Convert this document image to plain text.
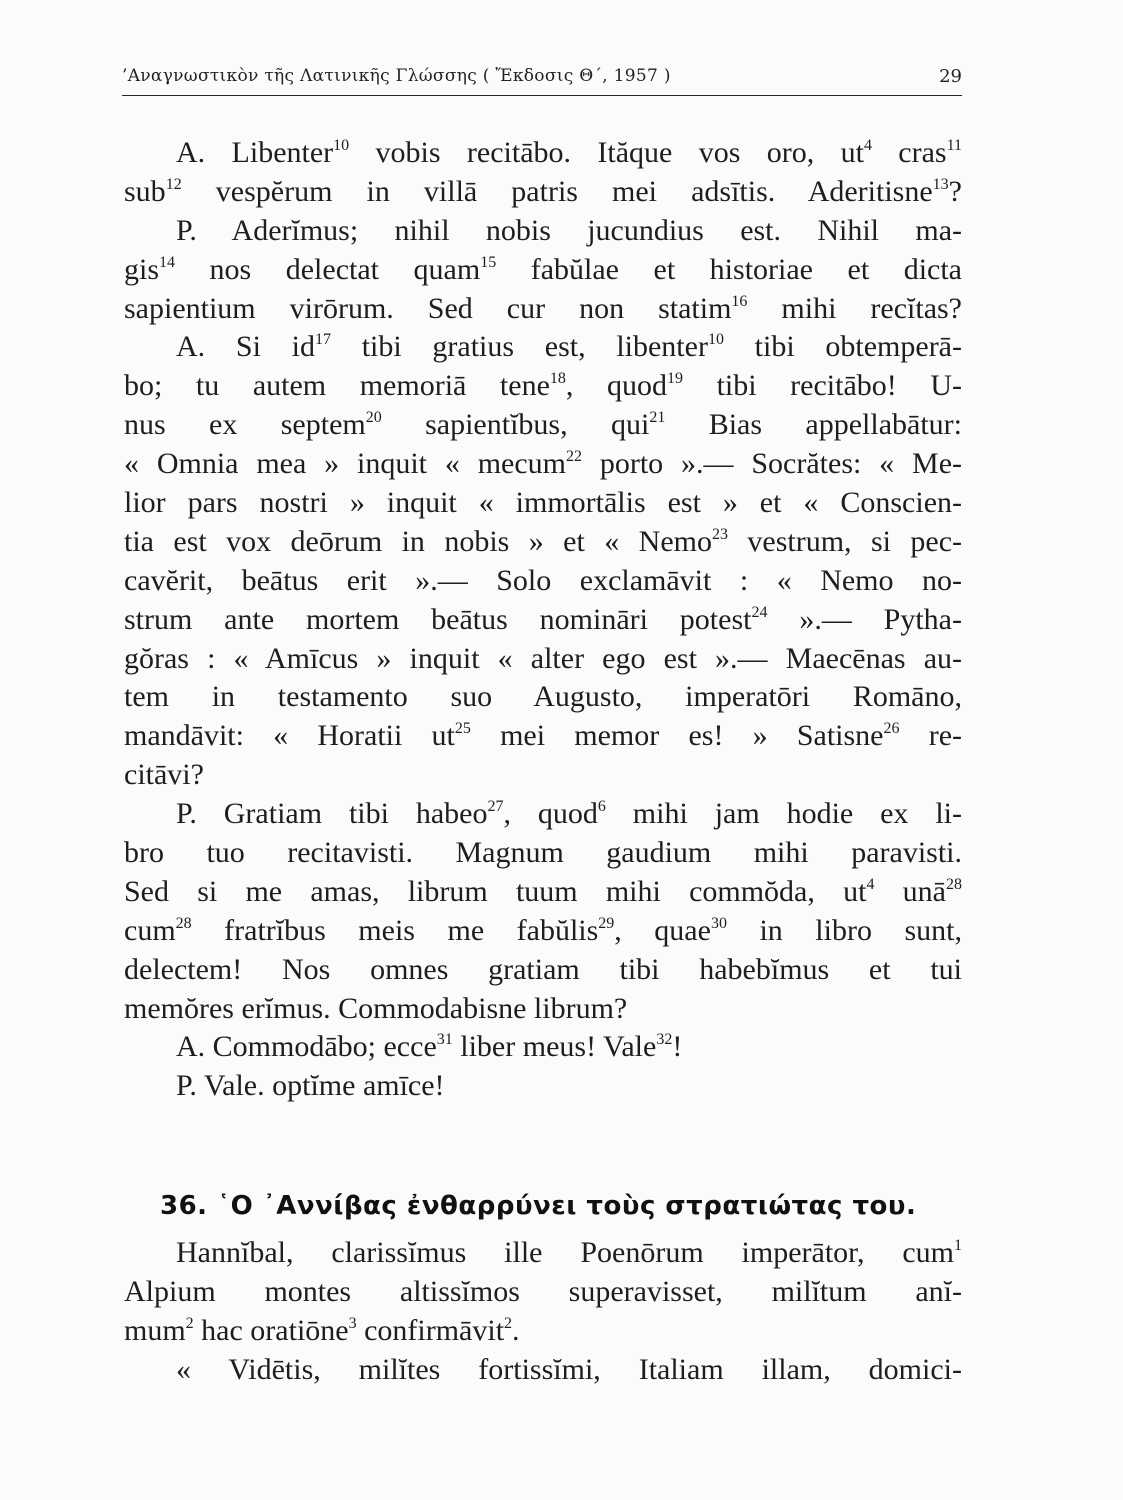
’Αναγνωστικὸν τῆς Λατινικῆς Γλώσσης ( Ἔκδοσις Θ΄, 1957 )	29
A. Libenter$^{10}$ vobis recitābo. Ităque vos oro, $ut^4$ cras$^{11}$
sub$^{12}$ vespĕrum in villā patris mei adsītis. Aderitisne$^{13}$?
P. Aderĭmus; nihil nobis jucundius est. Nihil ma-
gis$^{14}$ nos delectat quam$^{15}$ fabŭlae et historiae et dicta
sapientium virōrum. Sed cur non statim$^{16}$ mihi recĭtas?
A. Si $id^{17}$ tibi gratius est, libenter$^{10}$ tibi obtemperā-
bo; tu autem memoriā tene$^{18}$, quod$^{19}$ tibi recitābo! U-
nus ex septem$^{20}$ sapientĭbus, qui$^{21}$ Bias appellabātur:
« Omnia mea » inquit « mecum$^{22}$ porto ».— Socrătes: « Me-
lior pars nostri » inquit « immortālis est » et « Conscien-
tia est vox deōrum in nobis » et « Nemo$^{23}$ vestrum, si pec-
cavĕrit, beātus erit ».— Solo exclamāvit : « Nemo no-
strum ante mortem beātus nomināri potest$^{24}$ ».— Pytha-
gŏras : « Amīcus » inquit « alter ego est ».— Maecēnas au-
tem in testamento suo Augusto, imperatōri Romāno,
mandāvit: « Horatii $ut^{25}$ mei memor es! » Satisne$^{26}$ re-
citāvi?
P. Gratiam tibi habeo$^{27}$, quod$^6$ mihi jam hodie ex li-
bro tuo recitavisti. Magnum gaudium mihi paravisti.
Sed si me amas, librum tuum mihi commŏda, $ut^4$ unā$^{28}$
cum$^{28}$ fratrĭbus meis me fabŭlis$^{29}$, quae$^{30}$ in libro sunt,
delectem! Nos omnes gratiam tibi habebĭmus et tui
memŏres erĭmus. Commodabisne librum?
A. Commodābo; ecce$^{31}$ liber meus! Vale$^{32}$!
P. Vale. optĭme amīce!
36. ῾Ο ᾿Αννίβας ἐνθαρρύνει τοὺς στρατιώτας του.
Hannĭbal, clarissĭmus ille Poenōrum imperātor, cum$^1$
Alpium montes altissĭmos superavisset, milĭtum anĭ-
mum$^2$ hac oratiōne$^3$ confirmāvit$^2$.
« Vidētis, milĭtes fortissĭmi, Italiam illam, domici-
